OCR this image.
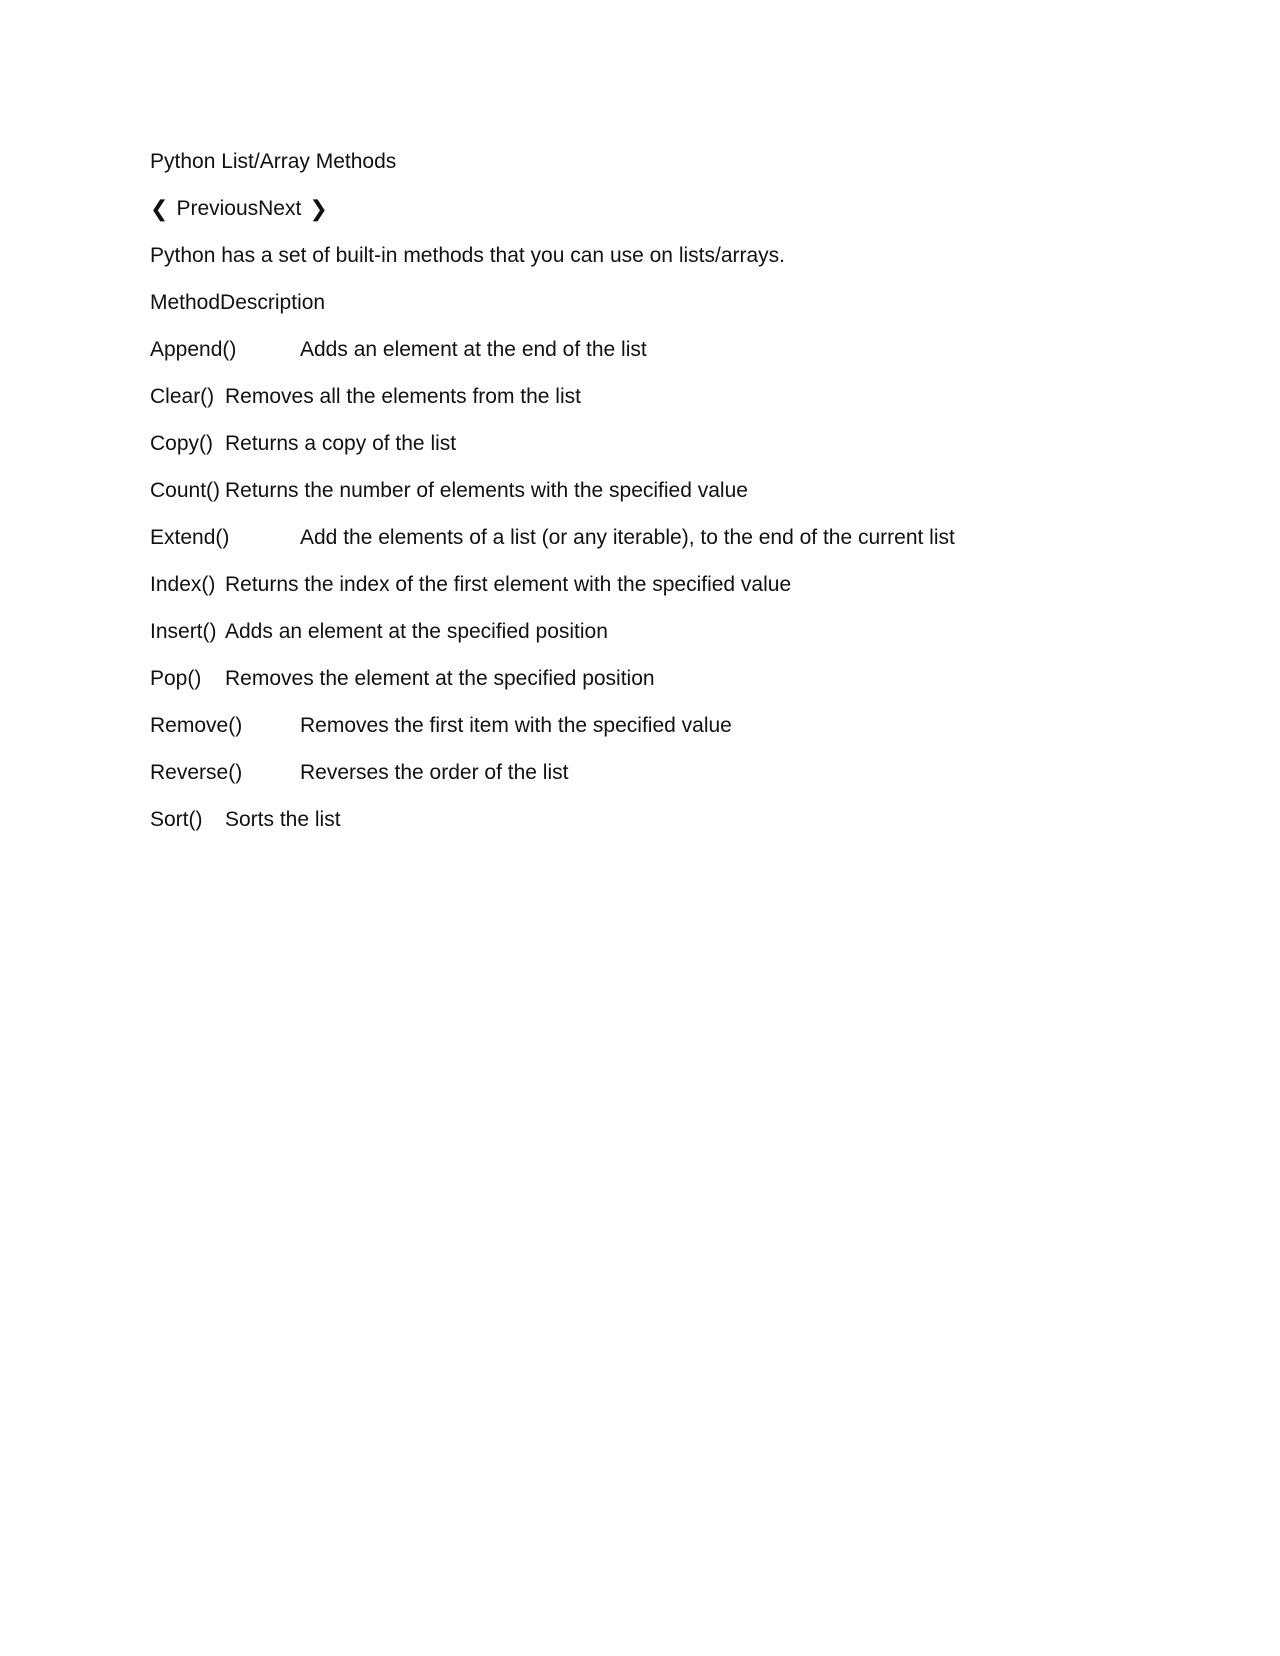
Python List/Array Methods
❮ Previous Next ❯
Python has a set of built-in methods that you can use on lists/arrays.
MethodDescription
Append()	Adds an element at the end of the list
Clear() Removes all the elements from the list
Copy() Returns a copy of the list
Count() Returns the number of elements with the specified value
Extend()	Add the elements of a list (or any iterable), to the end of the current list
Index() Returns the index of the first element with the specified value
Insert() Adds an element at the specified position
Pop()	Removes the element at the specified position
Remove()	Removes the first item with the specified value
Reverse()	Reverses the order of the list
Sort()	Sorts the list
